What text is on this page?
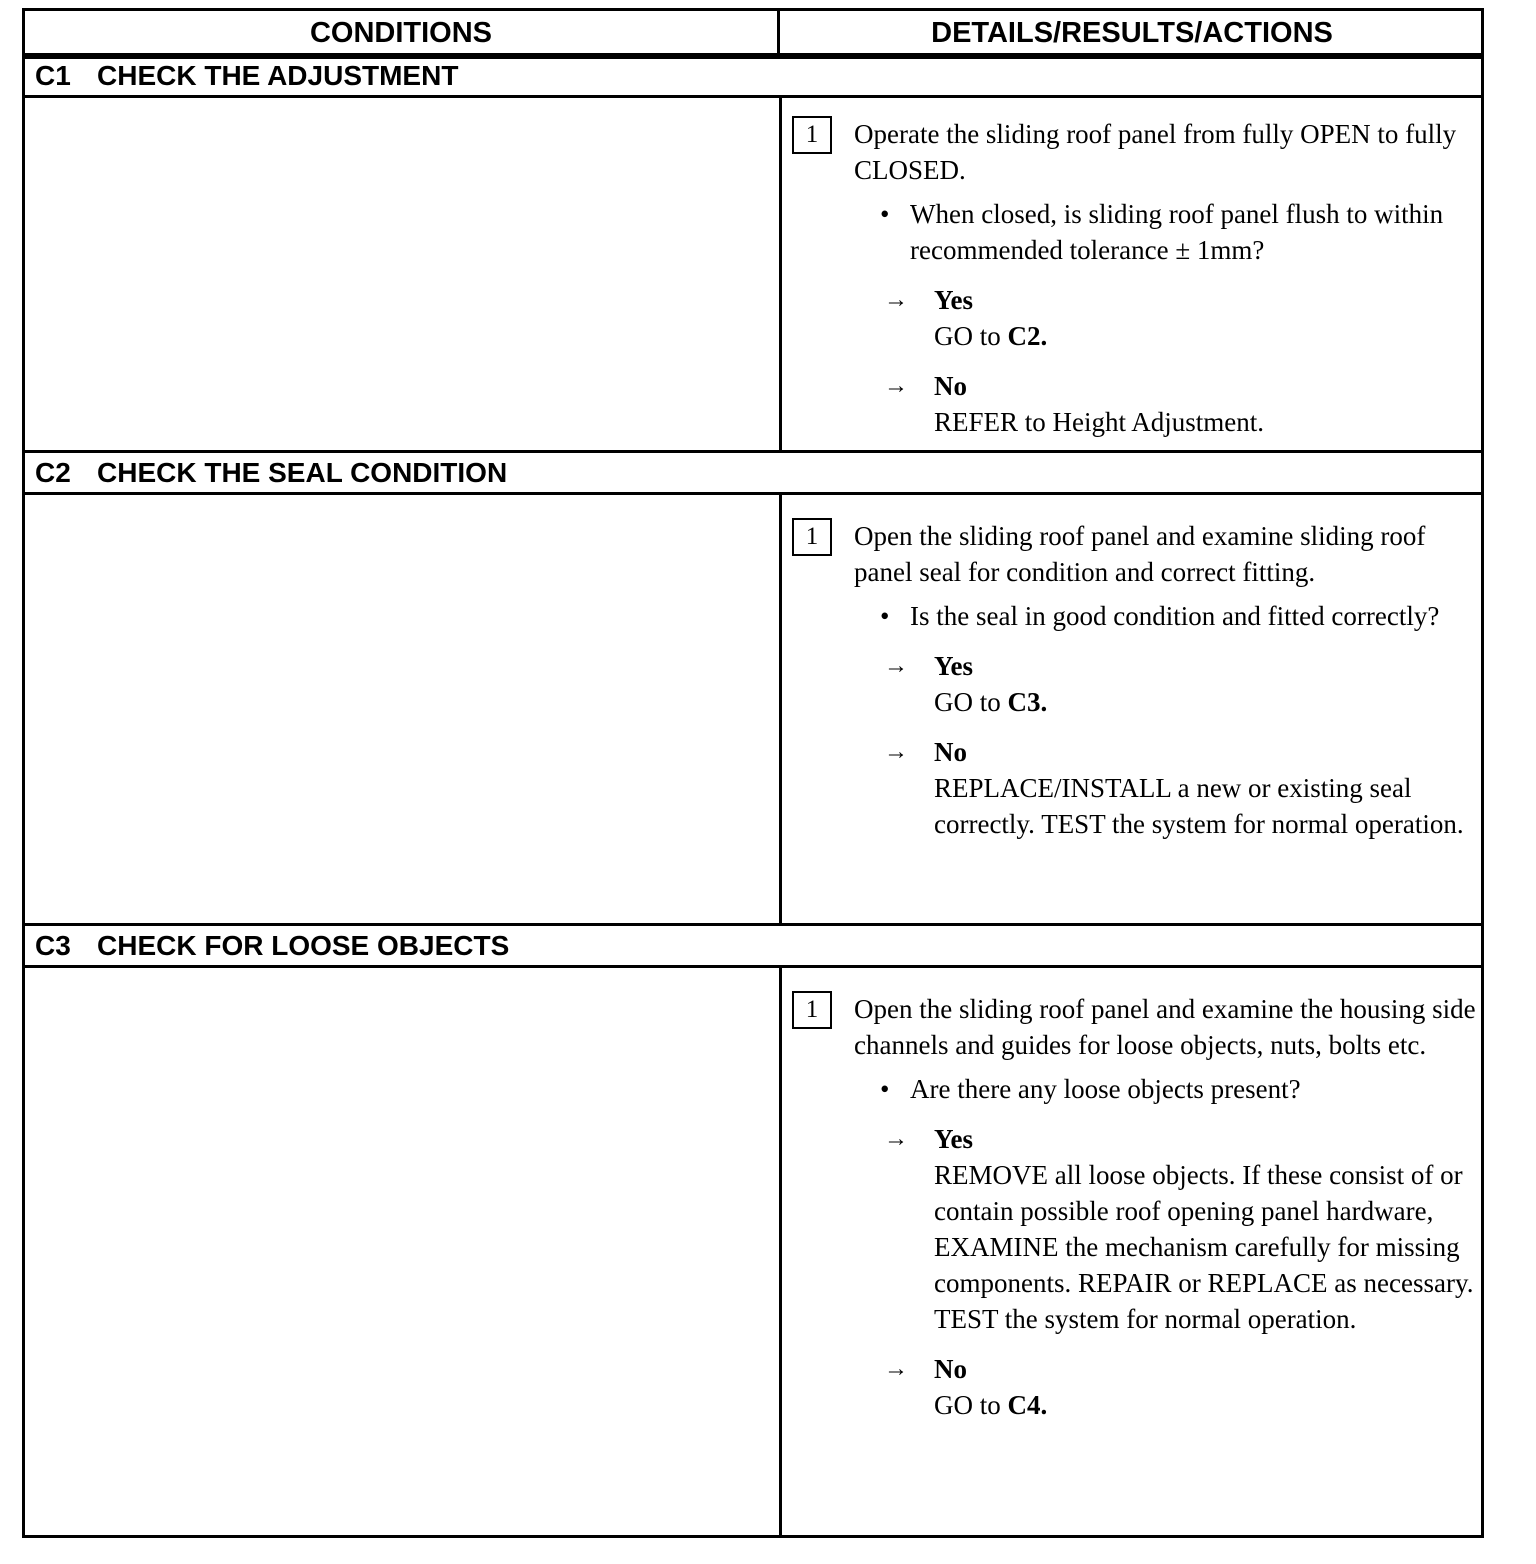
CONDITIONS	DETAILS/RESULTS/ACTIONS
C1 CHECK THE ADJUSTMENT
1	Operate the sliding roof panel from fully OPEN to fully CLOSED.
• When closed, is sliding roof panel flush to within recommended tolerance ± 1mm?
→ Yes
GO to C2.
→ No
REFER to Height Adjustment.
C2 CHECK THE SEAL CONDITION
1	Open the sliding roof panel and examine sliding roof panel seal for condition and correct fitting.
• Is the seal in good condition and fitted correctly?
→ Yes
GO to C3.
→ No
REPLACE/INSTALL a new or existing seal correctly. TEST the system for normal operation.
C3 CHECK FOR LOOSE OBJECTS
1	Open the sliding roof panel and examine the housing side channels and guides for loose objects, nuts, bolts etc.
• Are there any loose objects present?
→ Yes
REMOVE all loose objects. If these consist of or contain possible roof opening panel hardware, EXAMINE the mechanism carefully for missing components. REPAIR or REPLACE as necessary. TEST the system for normal operation.
→ No
GO to C4.
